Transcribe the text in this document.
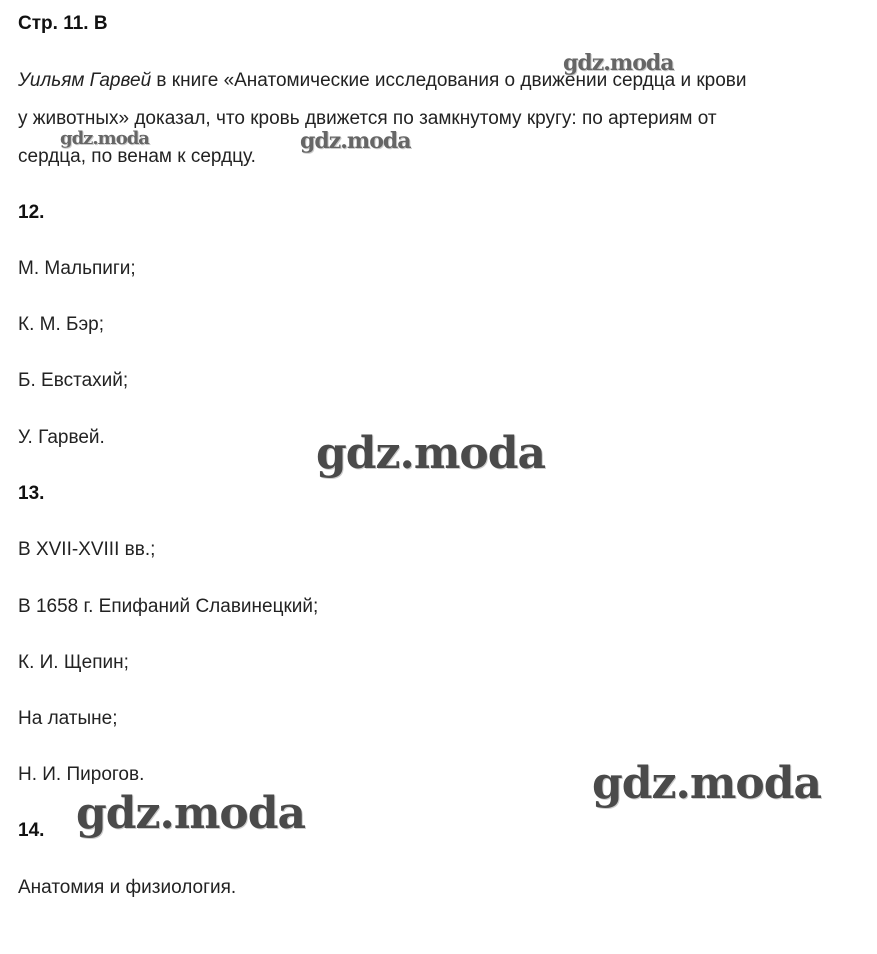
Стр. 11. В
Уильям Гарвей в книге «Анатомические исследования о движении сердца и крови
у животных» доказал, что кровь движется по замкнутому кругу: по артериям от
сердца, по венам к сердцу.
12.
М. Мальпиги;
К. М. Бэр;
Б. Евстахий;
У. Гарвей.
13.
В XVII-XVIII вв.;
В 1658 г. Епифаний Славинецкий;
К. И. Щепин;
На латыне;
Н. И. Пирогов.
14.
Анатомия и физиология.
gdz.moda
gdz.moda	gdz.moda
gdz.moda
gdz.moda
gdz.moda
